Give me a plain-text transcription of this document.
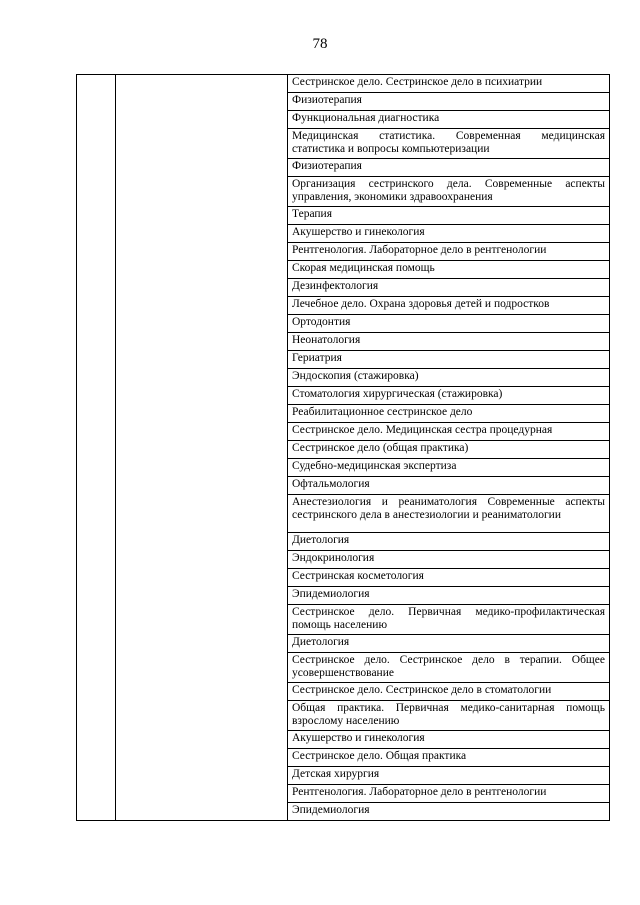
78
		Сестринское дело. Сестринское дело в психиатрии
Физиотерапия
Функциональная диагностика
Медицинская статистика. Современная медицинская статистика и вопросы компьютеризации
Физиотерапия
Организация сестринского дела. Современные аспекты управления, экономики здравоохранения
Терапия
Акушерство и гинекология
Рентгенология. Лабораторное дело в рентгенологии
Скорая медицинская помощь
Дезинфектология
Лечебное дело. Охрана здоровья детей и подростков
Ортодонтия
Неонатология
Гериатрия
Эндоскопия (стажировка)
Стоматология хирургическая (стажировка)
Реабилитационное сестринское дело
Сестринское дело. Медицинская сестра процедурная
Сестринское дело (общая практика)
Судебно-медицинская экспертиза
Офтальмология
Анестезиология и реаниматология Современные аспекты сестринского дела в анестезиологии и реаниматологии
Диетология
Эндокринология
Сестринская косметология
Эпидемиология
Сестринское дело. Первичная медико-профилактическая помощь населению
Диетология
Сестринское дело. Сестринское дело в терапии. Общее усовершенствование
Сестринское дело. Сестринское дело в стоматологии
Общая практика. Первичная медико-санитарная помощь взрослому населению
Акушерство и гинекология
Сестринское дело. Общая практика
Детская хирургия
Рентгенология. Лабораторное дело в рентгенологии
Эпидемиология
